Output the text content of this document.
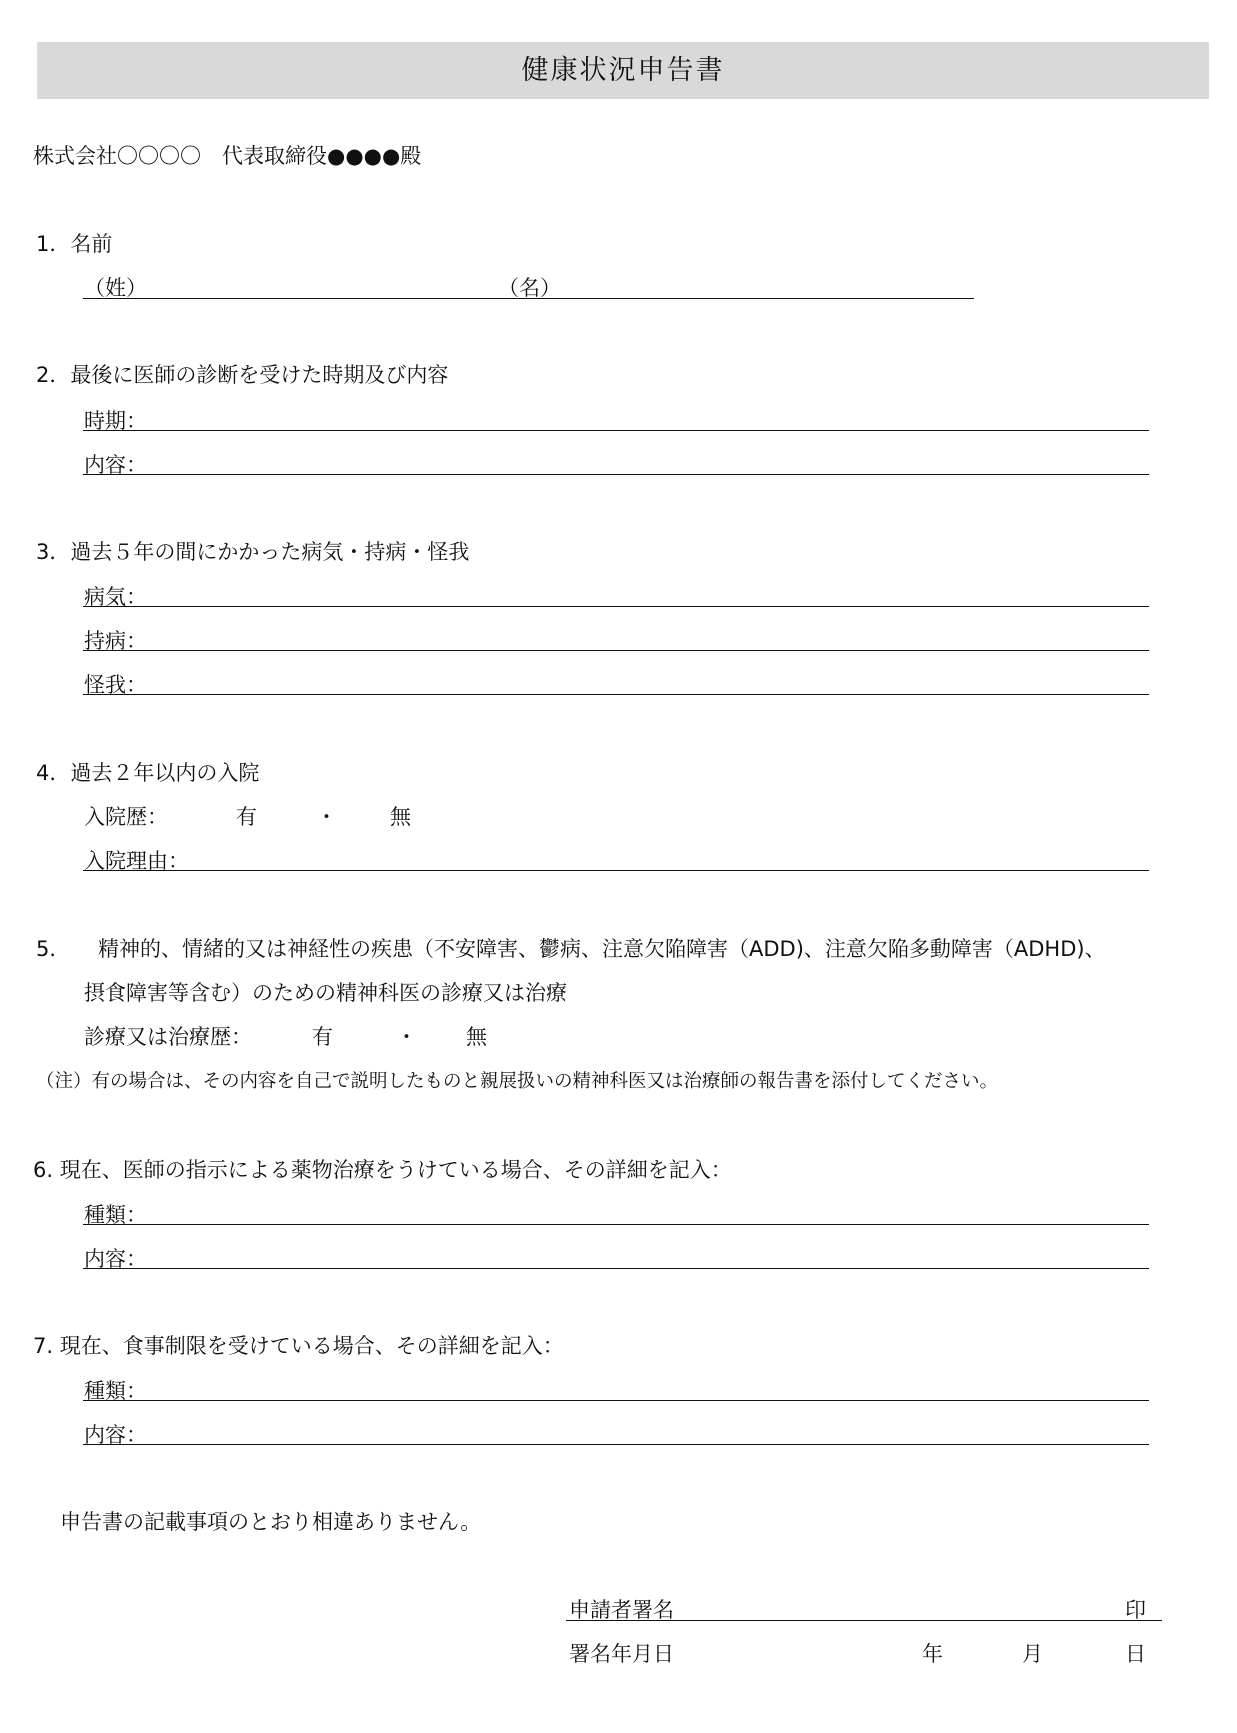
健康状況申告書
株式会社〇〇〇〇　代表取締役●●●●殿
1．名前
（姓）	（名）
2．最後に医師の診断を受けた時期及び内容
時期：
内容：
3．過去５年の間にかかった病気・持病・怪我
病気：
持病：
怪我：
4．過去２年以内の入院
入院歴：	有	・	無
入院理由：
5． 精神的、情緒的又は神経性の疾患（不安障害、鬱病、注意欠陥障害（ADD)、注意欠陥多動障害（ADHD)、
摂食障害等含む）のための精神科医の診療又は治療
診療又は治療歴：	有	・ 無
（注）有の場合は、その内容を自己で説明したものと親展扱いの精神科医又は治療師の報告書を添付してください。
6. 現在、医師の指示による薬物治療をうけている場合、その詳細を記入：
種類：
内容：
7. 現在、食事制限を受けている場合、その詳細を記入：
種類：
内容：
申告書の記載事項のとおり相違ありません。
申請者署名	印
署名年月日	年	月	日
